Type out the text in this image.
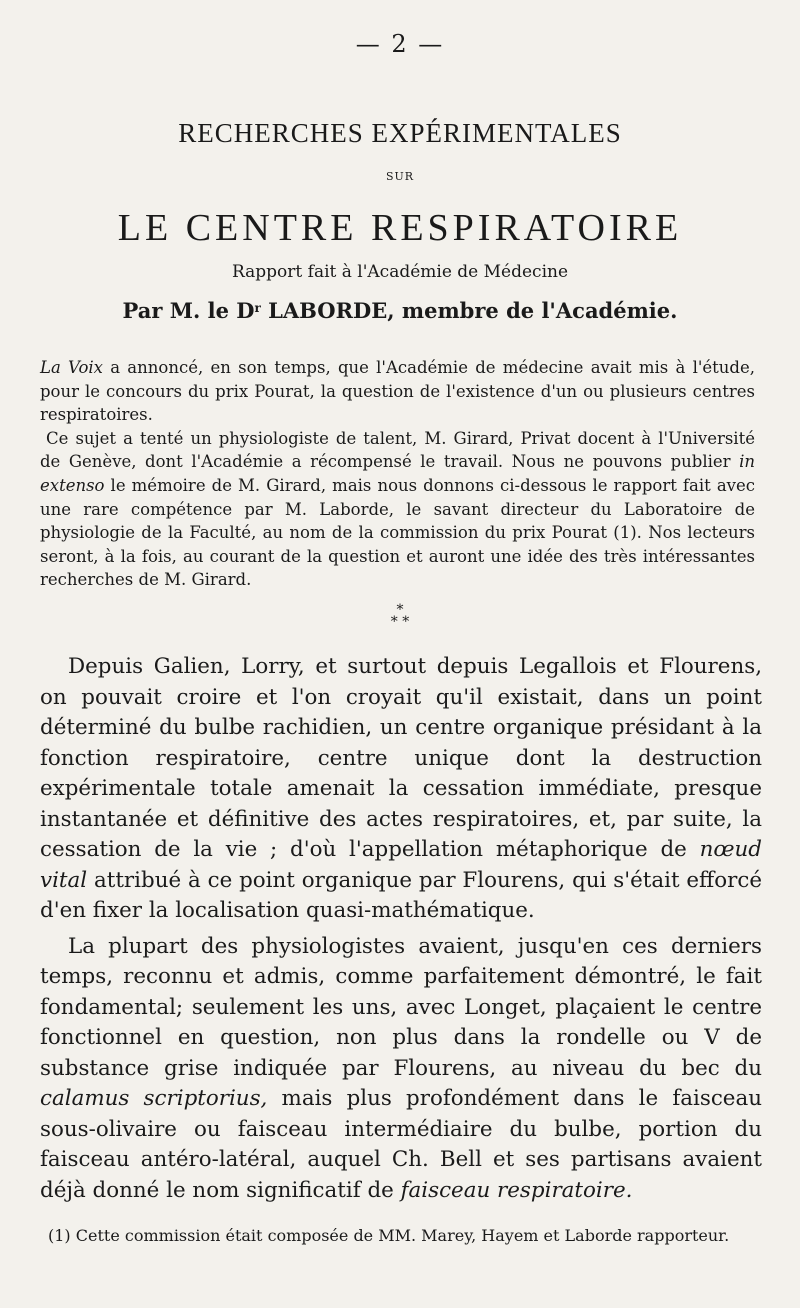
— 2 —
RECHERCHES EXPÉRIMENTALES
SUR
LE CENTRE RESPIRATOIRE
Rapport fait à l'Académie de Médecine
Par M. le $D^r$ LABORDE, membre de l'Académie.

La Voix a annoncé, en son temps, que l'Académie de médecine avait mis à l'étude, pour le concours du prix Pourat, la question de l'existence d'un ou plusieurs centres respiratoires.

Ce sujet a tenté un physiologiste de talent, M. Girard, Privat docent à l'Université de Genève, dont l'Académie a récompensé le travail. Nous ne pouvons publier in extenso le mémoire de M. Girard, mais nous donnons ci-dessous le rapport fait avec une rare compétence par M. Laborde, le savant directeur du Laboratoire de physiologie de la Faculté, au nom de la commission du prix Pourat (1). Nos lecteurs seront, à la fois, au courant de la question et auront une idée des très intéressantes recherches de M. Girard.

*
* *

Depuis Galien, Lorry, et surtout depuis Legallois et Flourens, on pouvait croire et l'on croyait qu'il existait, dans un point déterminé du bulbe rachidien, un centre organique présidant à la fonction respiratoire, centre unique dont la destruction expérimentale totale amenait la cessation immédiate, presque instantanée et définitive des actes respiratoires, et, par suite, la cessation de la vie ; d'où l'appellation métaphorique de nœud vital attribué à ce point organique par Flourens, qui s'était efforcé d'en fixer la localisation quasi-mathématique.

La plupart des physiologistes avaient, jusqu'en ces derniers temps, reconnu et admis, comme parfaitement démontré, le fait fondamental; seulement les uns, avec Longet, plaçaient le centre fonctionnel en question, non plus dans la rondelle ou V de substance grise indiquée par Flourens, au niveau du bec du calamus scriptorius, mais plus profondément dans le faisceau sous-olivaire ou faisceau intermédiaire du bulbe, portion du faisceau antéro-latéral, auquel Ch. Bell et ses partisans avaient déjà donné le nom significatif de faisceau respiratoire.

(1) Cette commission était composée de MM. Marey, Hayem et Laborde rapporteur.
